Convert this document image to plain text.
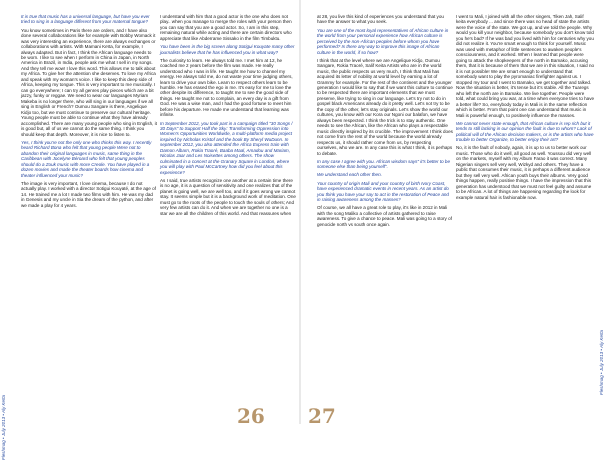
It is true that music has a universal language, but have you ever tried to sing in a language different from your maternal tongue?

You know sometimes in Paris there are orders, and I have also done several collaborations like for example with Bobby Womack it was very interesting an experience, there are always exchanges or collaborations with artists. With Mamani Keïta, for example, I always adapted. But in fact, I think the African language needs to be worn. I like to see when I perform in China in Japan, in North America in Brazil, in India, people ask me what I sell in my songs. And they tell me wow! I love this word. This allows me to talk about my Africa. To give her the attention she deserves. To love my Africa and speak with my woman's voice. I like to keep this deep side of Africa, keeping my tongue. This is very important to me musically. I can go everywhere; I can try all genres play pieces which are a bit jazzy, funky or reggae. We need to wear our languages Myriam Makeba is no longer there, who will sing in our languages if we all sing in English or French? Oumou Sangare is there, Angelique Kidjo too, but we must continue to preserve our cultural heritage. Young people must be able to continue what they have already accomplished. There are many young people who sing in English, it is good but, all of us we cannot do the same thing. I think you should keep that depth. Moreover, it is nice to listen to.

Yes, I think you're not the only one who thinks this way. I recently heard Richard Bona who felt that young people Were not to abandon their original languages in music, same thing in the Caribbean with Jocelyne Béroard who felt that young peoples should do a Zouk music with more Creole. You have played in a dozen movies and made the theater boards how cinema and theater influenced your music?

The image is very important, I love cinema, because I do not actually play. I worked with a director Sotigui Kouyaté, at the age of 14. He trained me a lot I made two films with him. He was my dad in Genesis and my uncle in Sia the dream of the python, and after we made a play for 4 years.

I understand with him that a good actor is the one who does not play.. when you manage to merge the roles with your person then you can say that you are a good actor. So, I am in this step, remaining natural while acting and there are certain directors who appreciate that like Abderrame Sissako in the film Timbuktu.

You have been in the big screen along Sotigui Kouyate many other journalists believe that he has influenced you in what way?

The curiosity to learn. He always told me. I met him at 12, he coached me 2 years before the film was made. He really understood who I was in life. He taught me how to channel my energy. He always told me, do not waste your time judging others, learn to drive your own bike. Learn to respect others learn to be humble. He has erased the ego in me. It's easy for me to love the other despite its difference, to taught me to see the good side of things. He taught me not to complain, an every day is a gift from God. He was a wise man, and I had the good fortune to meet him before his departure. He made me understand that learning was infinite.

In September 2012, you took part in a campaign titled "30 Songs / 30 Days" to Support Half the Sky: Transforming Oppression into Women's Opportunities Worldwide, a multi-platform media project inspired by Nicholas Kristof and the book By Sheryl WuDunn. In september 2012, you also attended the Africa Express train with Damon Albarn, Rokia Traoré, Baaba Maal, Amadou and Mariam, Nicolas Jaar and Les Noisettes among others. The show culminated in a concert at the Granary Square in London, where you will play with Paul McCartney how did you feel about this experience?

As I said, true artists recognize one another at a certain time there is no age, it is a question of sensitivity and one realizes that of the planet is going well, we are well too, and if it goes wrong we cannot stay. It seems simple but it is a background work of meditation. One must go to the roots of the people to touch the souls of others; And very few artists can do it. And when we are together no one is a star we are all the children of this world. And that reassures when

at 28, you live this kind of experiences you understand that you have the answer to what you seek.

You are one of the most loyal representatives of African culture in the world from your personal experience how African culture is perceived by the non-African peoples before whom you have performed? Is there any way to improve this image of African culture in the world, if so how?

I think that at the level where we are Angelique Kidjo, Oumou Sangare, Rokia Traoré, Salif Keita Artists who are in the world music, the public respects us very much, I think that Mali has acquired its letter of nobility at world level by earning a lot of Grammy for example. For the rest of the continent and the younger generation I would like to say that if we want this culture to continue to be respected there are important elements that we must preserve, like trying to sing in our language. Let's try not to do in gospel black Americans already do it pretty well. Let's not try to be the copy of the other, let's stay originals. Let's show the world our cultures, you know with our Kora our Ngoni our balafon, we have always been respected. I think the trick is to stay authentic. One needs to see the African, like the African who plays a respectable music directly inspired by its crucible. The improvement I think does not come from the rest of the world because the world already respects us, it should rather come from us, by respecting ourselves, who we are. In any case this is what I think, it is perhaps to debate.

In any case I agree with you. African wisdom says" it's better to be someone else than being yourself".

We understand each other then.

Your country of origin Mali and your country of birth Ivory Coast, have experienced dramatic events in recent years. As an artist do you think you have your say to act in the restoration of Peace and in raising awareness among the masses?

Of course, we all have a great role to play, it's like in 2012 in Mali with the song Maliko a collective of artists gathered to raise awareness. To give a chance to peace. Mali was going to a story of genocide north vs south once again.

I went to Mali, I joined with all the other singers, Tiken Jah, Salif keita everybody ... and since there was no head of state the artists were the voice of the state. We got up, and we told the people. Why would you kill your neighbor, because somebody you don't know told you he's bad? If he was bad you lived with him for centuries why you did not realize it. You're smart enough to think for yourself. Music was used with metaphor of little sentences to awaken people's consciousness, and it worked. When I learned that people were going to attack the shopkeepers of the north in Bamako, accusing them, that it is because of them that we are in this situation, I said no it is not possible! We are smart enough to understand that somebody want to play the pyromaniac firefighter against us. I stopped my tour and I went to Bamako, we get together and talked. Now the situation is better, it's tense but it's stable. All the Tuaregs who left the north are in Bamako. We live together. People were told, what could bring you war, at a time when everyone tries to have a better life? So, everybody today in Mali is in the same reflection which is better. From that point one can understand that music in Mali is powerful enough, to positively influence the masses.

We cannot never state enough, that African culture is rep rich but it tends to still lacking in our opinion the fault is due to whom? Lack of political will of the African decision makers, or is the artists who have trouble to better Organize, to better enjoy their art?

No, it is the fault of nobody, again, it is up to us to better work our music. Those who do it well, all good as well. Youssou did very well on the markets, myself with my Album Farao it was correct. Many Nigerian singers sell very well, Wizkyd and others. They have a public that consumes their music, it is perhaps a different audience but they sell very well. African youth buys their albums. Very good things happen, really positive things. I have the impression that this generation has understood that we must not feel guilty and assume to be African. A lot of things are happening regarding the look for example natural hair is fashionable now.

26 27
Fleshmag • July 2013 • Aly Keïta
Fleshmag • July 2013 • Aly Keïta
